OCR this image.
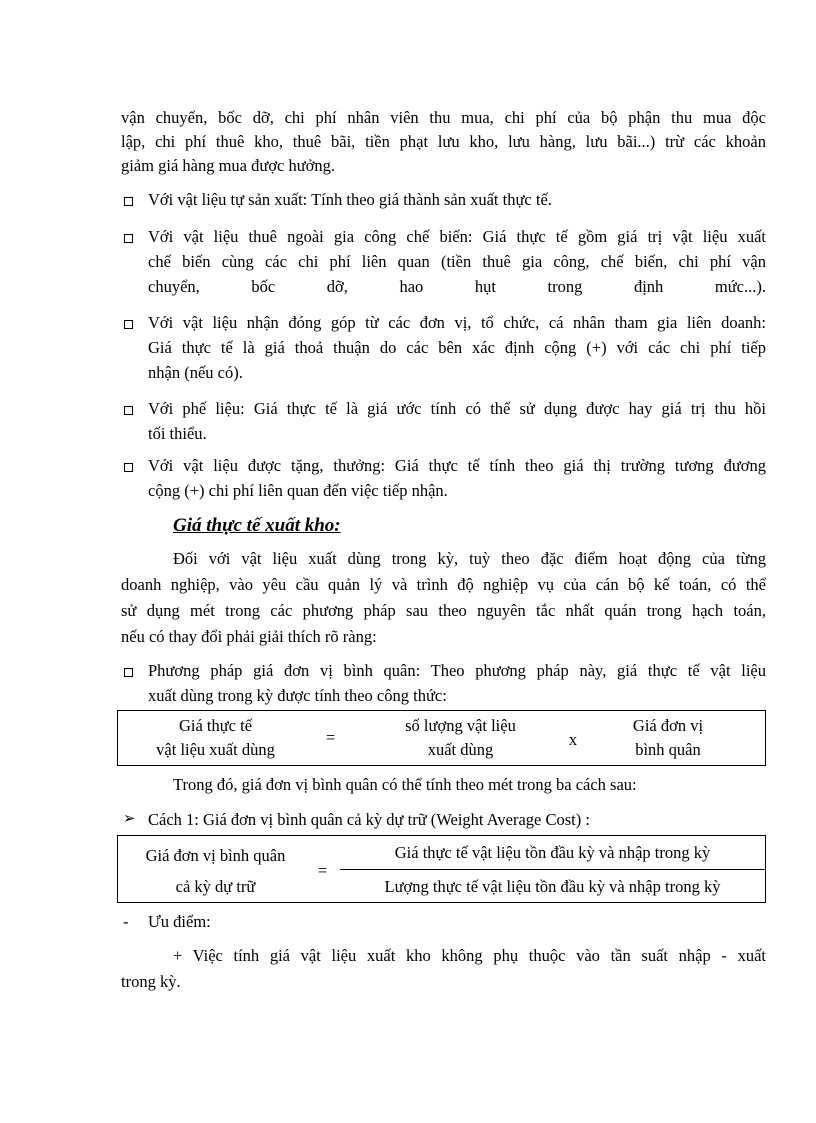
vận chuyển, bốc dỡ, chi phí nhân viên thu mua, chi phí của bộ phận thu mua độc
lập, chi phí thuê kho, thuê bãi, tiền phạt lưu kho, lưu hàng, lưu bãi...) trừ các khoản
giảm giá hàng mua được hưởng.
Với vật liệu tự sản xuất: Tính theo giá thành sản xuất thực tế.
Với vật liệu thuê ngoài gia công chế biến: Giá thực tế gồm giá trị vật liệu xuất
chế biến cùng các chi phí liên quan (tiền thuê gia công, chế biến, chi phí vận
chuyển, bốc dỡ, hao hụt trong định mức...).
Với vật liệu nhận đóng góp từ các đơn vị, tổ chức, cá nhân tham gia liên doanh:
Giá thực tế là giá thoả thuận do các bên xác định cộng (+) với các chi phí tiếp
nhận (nếu có).
Với phế liệu: Giá thực tế là giá ước tính có thể sử dụng được hay giá trị thu hồi
tối thiểu.
Với vật liệu được tặng, thưởng: Giá thực tế tính theo giá thị trường tương đương
cộng (+) chi phí liên quan đến việc tiếp nhận.
Giá thực tế xuất kho:
Đối với vật liệu xuất dùng trong kỳ, tuỳ theo đặc điểm hoạt động của từng
doanh nghiệp, vào yêu cầu quản lý và trình độ nghiệp vụ của cán bộ kế toán, có thể
sử dụng mét trong các phương pháp sau theo nguyên tắc nhất quán trong hạch toán,
nếu có thay đổi phải giải thích rõ ràng:
Phương pháp giá đơn vị bình quân: Theo phương pháp này, giá thực tế vật liệu
xuất dùng trong kỳ được tính theo công thức:
Giá thực tế
vật liệu xuất dùng
=
số lượng vật liệu
xuất dùng
x
Giá đơn vị
bình quân
Trong đó, giá đơn vị bình quân có thể tính theo mét trong ba cách sau:
➢ Cách 1: Giá đơn vị bình quân cả kỳ dự trữ (Weight Average Cost) :
Giá đơn vị bình quân
cả kỳ dự trữ
=
Giá thực tế vật liệu tồn đầu kỳ và nhập trong kỳ
Lượng thực tế vật liệu tồn đầu kỳ và nhập trong kỳ
- Ưu điểm:
+ Việc tính giá vật liệu xuất kho không phụ thuộc vào tần suất nhập - xuất
trong kỳ.
